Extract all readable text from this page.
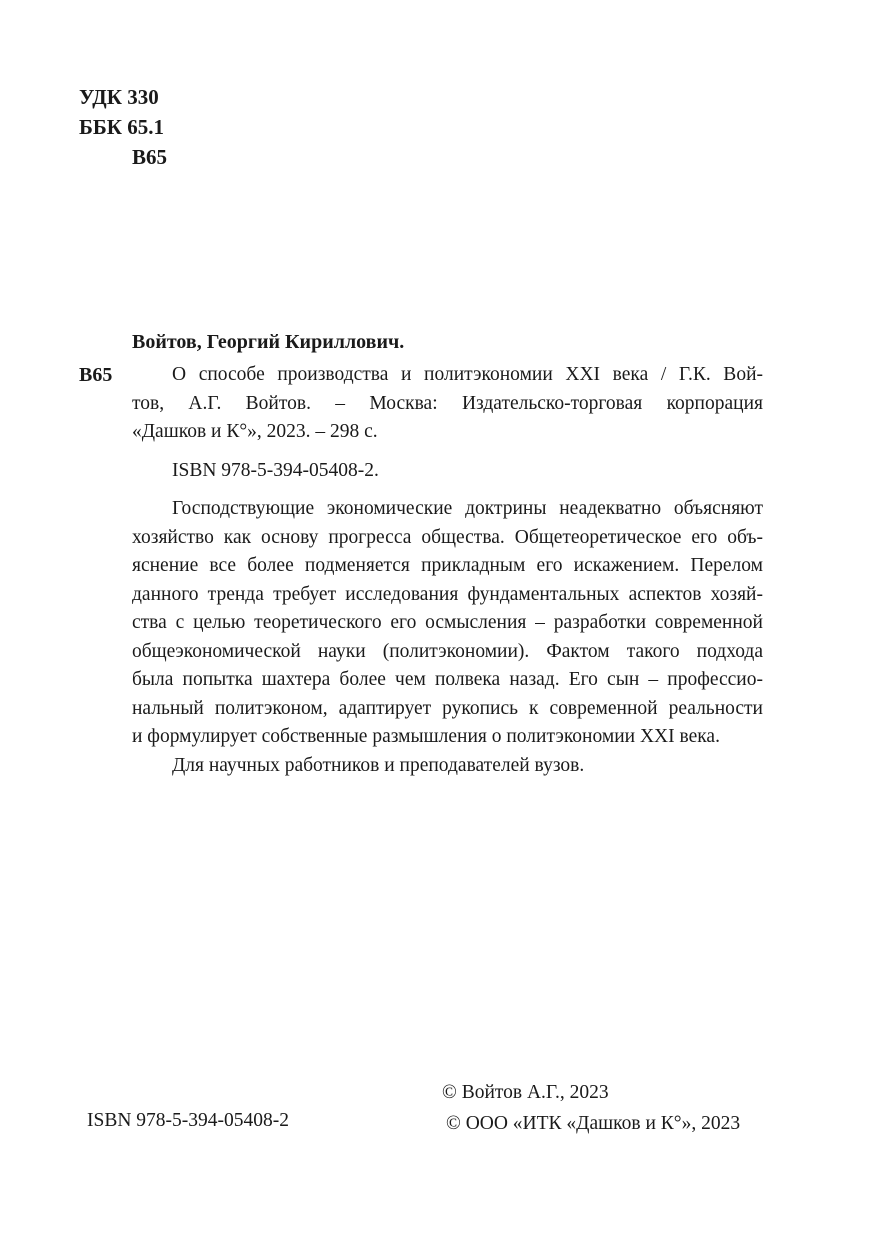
УДК 330
ББК 65.1
В65
Войтов, Георгий Кириллович.
В65	О способе производства и политэкономии XXI века / Г.К. Вой-
тов, А.Г. Войтов. – Москва: Издательско-торговая корпорация
«Дашков и К°», 2023. – 298 с.

ISBN 978-5-394-05408-2.

Господствующие экономические доктрины неадекватно объясняют
хозяйство как основу прогресса общества. Общетеоретическое его объ-
яснение все более подменяется прикладным его искажением. Перелом
данного тренда требует исследования фундаментальных аспектов хозяй-
ства с целью теоретического его осмысления – разработки современной
общеэкономической науки (политэкономии). Фактом такого подхода
была попытка шахтера более чем полвека назад. Его сын – профессио-
нальный политэконом, адаптирует рукопись к современной реальности
и формулирует собственные размышления о политэкономии XXI века.

Для научных работников и преподавателей вузов.

ISBN 978-5-394-05408-2
© Войтов А.Г., 2023
© ООО «ИТК «Дашков и К°», 2023
